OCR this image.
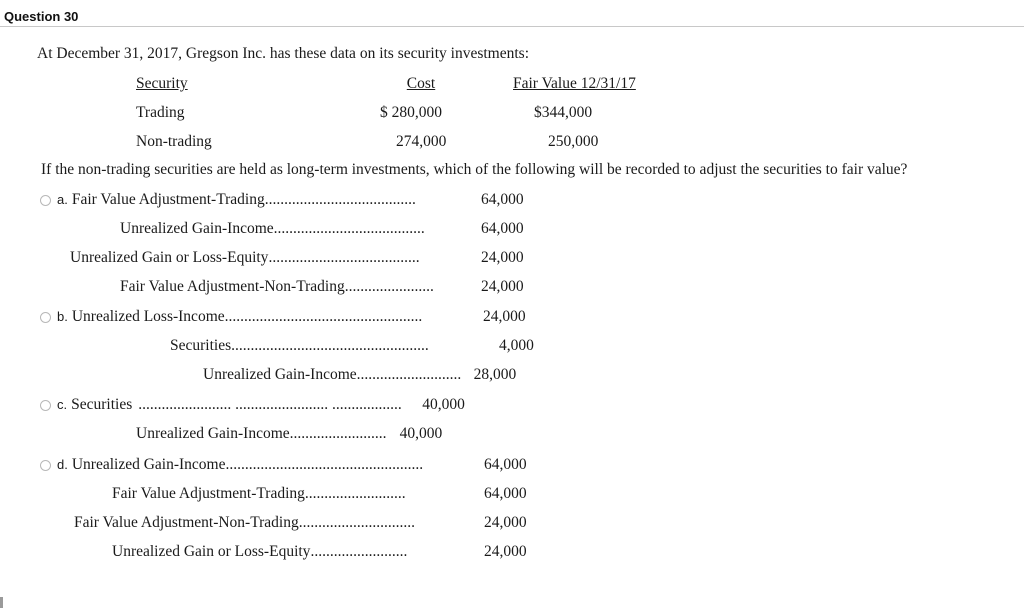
Question 30
At December 31, 2017, Gregson Inc. has these data on its security investments:
Security	Cost	Fair Value 12/31/17
Trading	$ 280,000	$344,000
Non-trading	274,000	250,000
If the non-trading securities are held as long-term investments, which of the following will be recorded to adjust the securities to fair value?
a. Fair Value Adjustment-Trading .......................................	64,000
Unrealized Gain-Income .......................................	64,000
Unrealized Gain or Loss-Equity .......................................	24,000
Fair Value Adjustment-Non-Trading .......................	24,000
b. Unrealized Loss-Income ...................................................	24,000
Securities ...................................................	4,000
Unrealized Gain-Income ........................... 28,000
c. Securities ........................ ........................ ..................	40,000
Unrealized Gain-Income ......................... 40,000
d. Unrealized Gain-Income ...................................................	64,000
Fair Value Adjustment-Trading ..........................	64,000
Fair Value Adjustment-Non-Trading ..............................	24,000
Unrealized Gain or Loss-Equity .........................	24,000
